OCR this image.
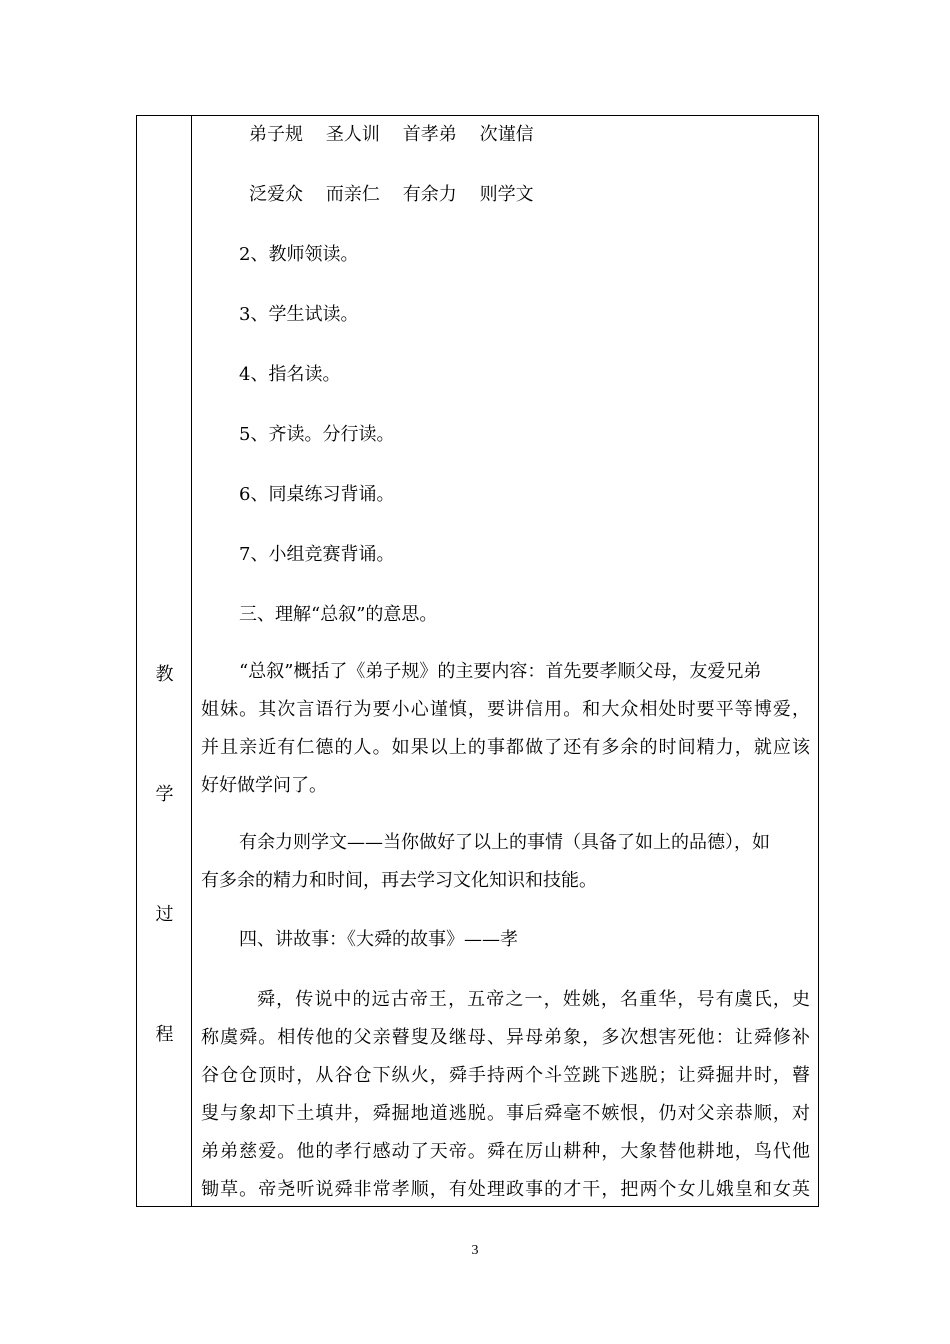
教
学
过
程
弟子规    圣人训    首孝弟    次谨信
泛爱众    而亲仁    有余力    则学文
2、教师领读。
3、学生试读。
4、指名读。
5、齐读。分行读。
6、同桌练习背诵。
7、小组竞赛背诵。
三、理解“总叙”的意思。
“总叙”概括了《弟子规》的主要内容：首先要孝顺父母，友爱兄弟
姐妹。其次言语行为要小心谨慎，要讲信用。和大众相处时要平等博爱，
并且亲近有仁德的人。如果以上的事都做了还有多余的时间精力，就应该
好好做学问了。
有余力则学文——当你做好了以上的事情（具备了如上的品德），如
有多余的精力和时间，再去学习文化知识和技能。
四、讲故事：《大舜的故事》——孝
舜，传说中的远古帝王，五帝之一，姓姚，名重华，号有虞氏，史
称虞舜。相传他的父亲瞽叟及继母、异母弟象，多次想害死他：让舜修补
谷仓仓顶时，从谷仓下纵火，舜手持两个斗笠跳下逃脱；让舜掘井时，瞽
叟与象却下土填井，舜掘地道逃脱。事后舜毫不嫉恨，仍对父亲恭顺，对
弟弟慈爱。他的孝行感动了天帝。舜在厉山耕种，大象替他耕地，鸟代他
锄草。帝尧听说舜非常孝顺，有处理政事的才干，把两个女儿娥皇和女英
3
